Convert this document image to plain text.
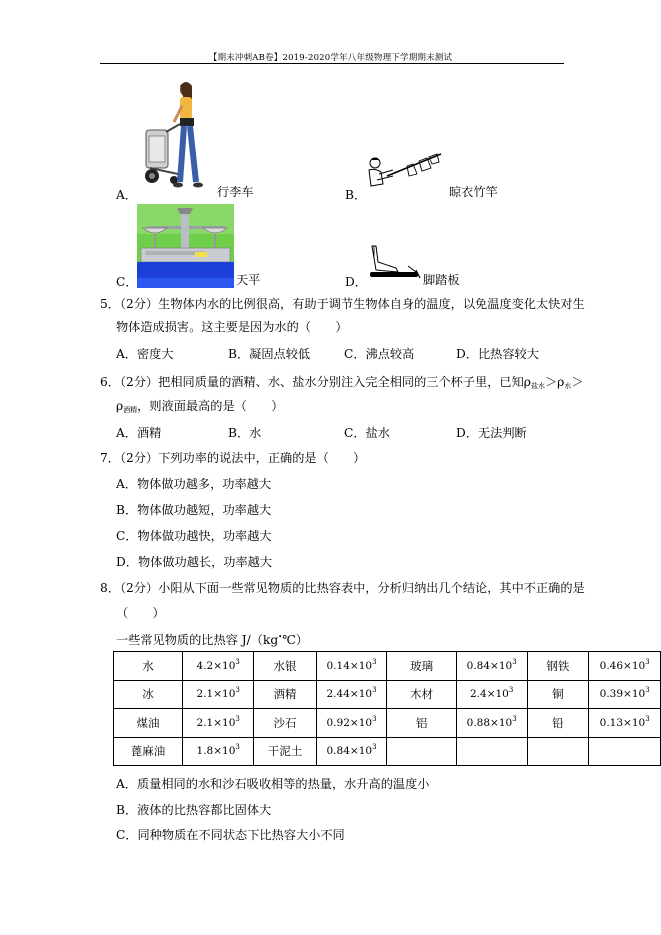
【期末冲刺AB卷】2019-2020学年八年级物理下学期期末测试
A．	行李车	B．	晾衣竹竿
C．	天平	D．	脚踏板
5．（2分）生物体内水的比例很高，有助于调节生物体自身的温度，以免温度变化太快对生
物体造成损害。这主要是因为水的（　　）
A．密度大	B．凝固点较低	C．沸点较高	D．比热容较大
6．（2分）把相同质量的酒精、水、盐水分别注入完全相同的三个杯子里，已知$\rho_{盐水}>\rho_水>$
$\rho_{酒精}$，则液面最高的是（　　）
A．酒精	B．水	C．盐水	D．无法判断
7．（2分）下列功率的说法中，正确的是（　　）
A．物体做功越多，功率越大
B．物体做功越短，功率越大
C．物体做功越快，功率越大
D．物体做功越长，功率越大
8．（2分）小阳从下面一些常见物质的比热容表中，分析归纳出几个结论，其中不正确的是
（　　）
一些常见物质的比热容 J/（kg•℃）
水	$4.2\times 10^3$	水银	$0.14\times 10^3$	玻璃	$0.84\times 10^3$	钢铁	$0.46\times 10^3$
冰	$2.1\times 10^3$	酒精	$2.44\times 10^3$	木材	$2.4\times 10^3$	铜	$0.39\times 10^3$
煤油	$2.1\times 10^3$	沙石	$0.92\times 10^3$	铝	$0.88\times 10^3$	铅	$0.13\times 10^3$
蓖麻油	$1.8\times 10^3$	干泥土	$0.84\times 10^3$				
A．质量相同的水和沙石吸收相等的热量，水升高的温度小
B．液体的比热容都比固体大
C．同种物质在不同状态下比热容大小不同
